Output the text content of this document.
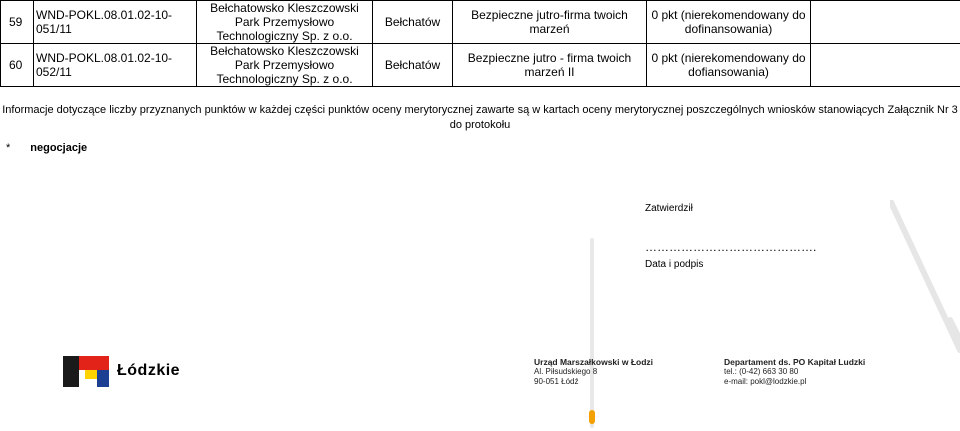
59	WND-POKL.08.01.02-10-051/11	Bełchatowsko Kleszczowski Park Przemysłowo Technologiczny Sp. z o.o.	Bełchatów	Bezpieczne jutro-firma twoich marzeń	0 pkt (nierekomendowany do dofinansowania)	
60	WND-POKL.08.01.02-10-052/11	Bełchatowsko Kleszczowski Park Przemysłowo Technologiczny Sp. z o.o.	Bełchatów	Bezpieczne jutro - firma twoich marzeń II	0 pkt (nierekomendowany do dofiansowania)	
Informacje dotyczące liczby przyznanych punktów w każdej części punktów oceny merytorycznej zawarte są w kartach oceny merytorycznej poszczególnych wniosków stanowiących Załącznik Nr 3 do protokołu
* negocjacje
Zatwierdził
…………………………………….
Data i podpis
Łódzkie	Urząd Marszałkowski w Łodzi
Al. Piłsudskiego 8
90-051 Łódź
Departament ds. PO Kapitał Ludzki
tel.: (0-42) 663 30 80
e-mail: pokl@lodzkie.pl
